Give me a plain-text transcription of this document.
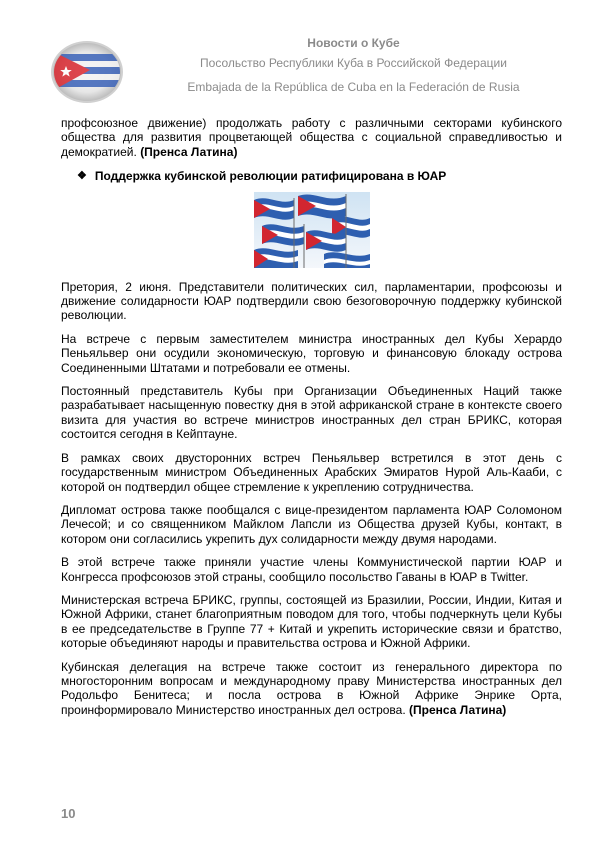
Новости о Кубе
Посольство Республики Куба в Российской Федерации
Embajada de la República de Cuba en la Federación de Rusia

профсоюзное движение) продолжать работу с различными секторами кубинского общества для развития процветающей общества с социальной справедливостью и демократией. (Пренса Латина)

❖ Поддержка кубинской революции ратифицирована в ЮАР

Претория, 2 июня. Представители политических сил, парламентарии, профсоюзы и движение солидарности ЮАР подтвердили свою безоговорочную поддержку кубинской революции.

На встрече с первым заместителем министра иностранных дел Кубы Херардо Пеньяльвер они осудили экономическую, торговую и финансовую блокаду острова Соединенными Штатами и потребовали ее отмены.

Постоянный представитель Кубы при Организации Объединенных Наций также разрабатывает насыщенную повестку дня в этой африканской стране в контексте своего визита для участия во встрече министров иностранных дел стран БРИКС, которая состоится сегодня в Кейптауне.

В рамках своих двусторонних встреч Пеньяльвер встретился в этот день с государственным министром Объединенных Арабских Эмиратов Нурой Аль-Кааби, с которой он подтвердил общее стремление к укреплению сотрудничества.

Дипломат острова также пообщался с вице-президентом парламента ЮАР Соломоном Лечесой; и со священником Майклом Лапсли из Общества друзей Кубы, контакт, в котором они согласились укрепить дух солидарности между двумя народами.

В этой встрече также приняли участие члены Коммунистической партии ЮАР и Конгресса профсоюзов этой страны, сообщило посольство Гаваны в ЮАР в Twitter.

Министерская встреча БРИКС, группы, состоящей из Бразилии, России, Индии, Китая и Южной Африки, станет благоприятным поводом для того, чтобы подчеркнуть цели Кубы в ее председательстве в Группе 77 + Китай и укрепить исторические связи и братство, которые объединяют народы и правительства острова и Южной Африки.

Кубинская делегация на встрече также состоит из генерального директора по многосторонним вопросам и международному праву Министерства иностранных дел Родольфо Бенитеса; и посла острова в Южной Африке Энрике Орта, проинформировало Министерство иностранных дел острова. (Пренса Латина)

10
